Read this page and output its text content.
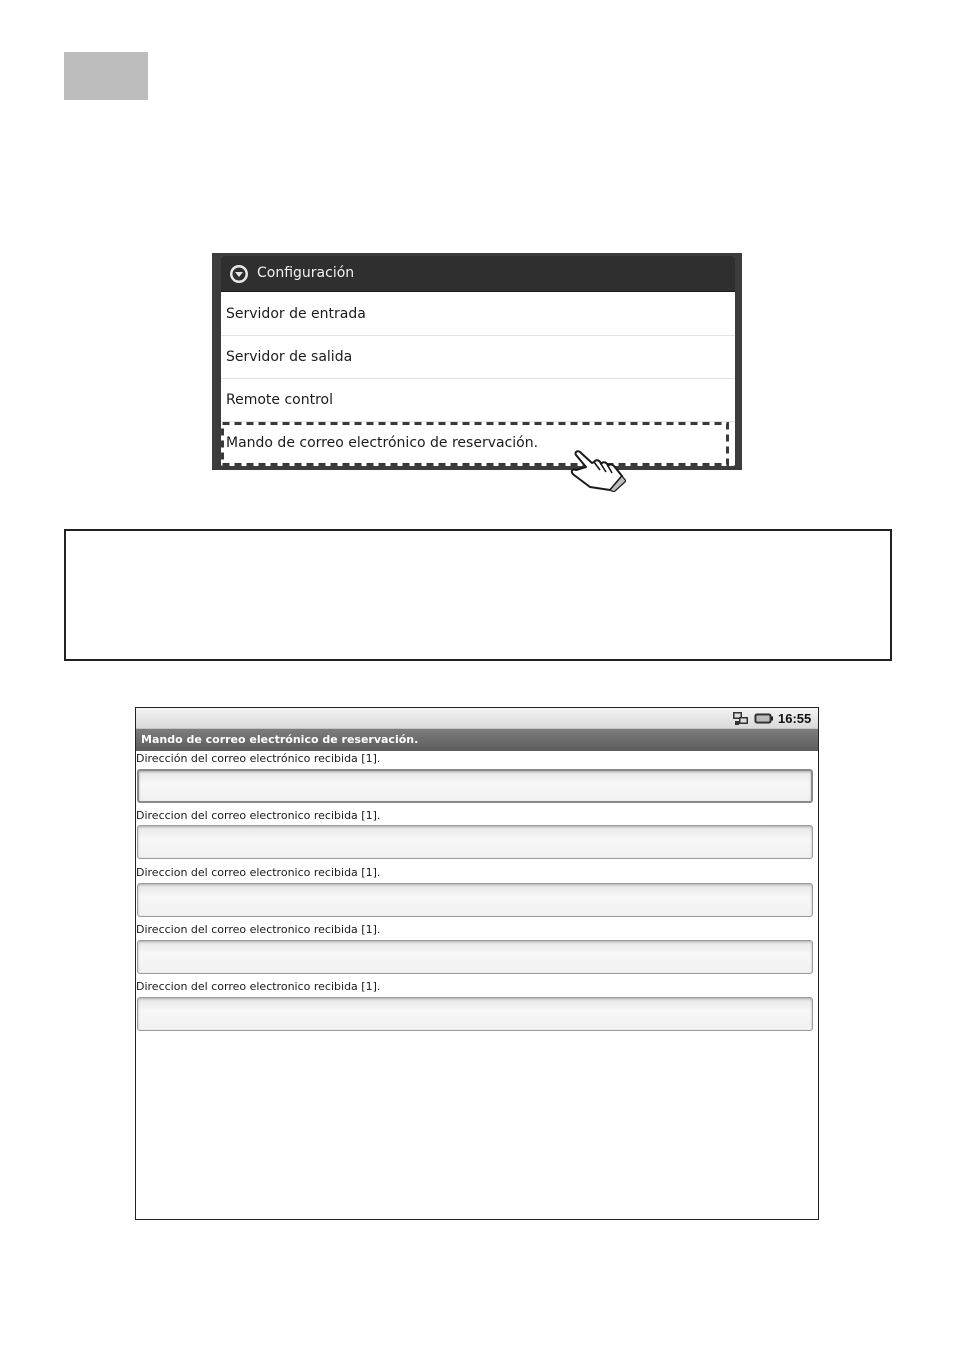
Configuración
Servidor de entrada
Servidor de salida
Remote control
Mando de correo electrónico de reservación.
16:55
Mando de correo electrónico de reservación.
Dirección del correo electrónico recibida [1].
Direccion del correo electronico recibida [1].
Direccion del correo electronico recibida [1].
Direccion del correo electronico recibida [1].
Direccion del correo electronico recibida [1].
